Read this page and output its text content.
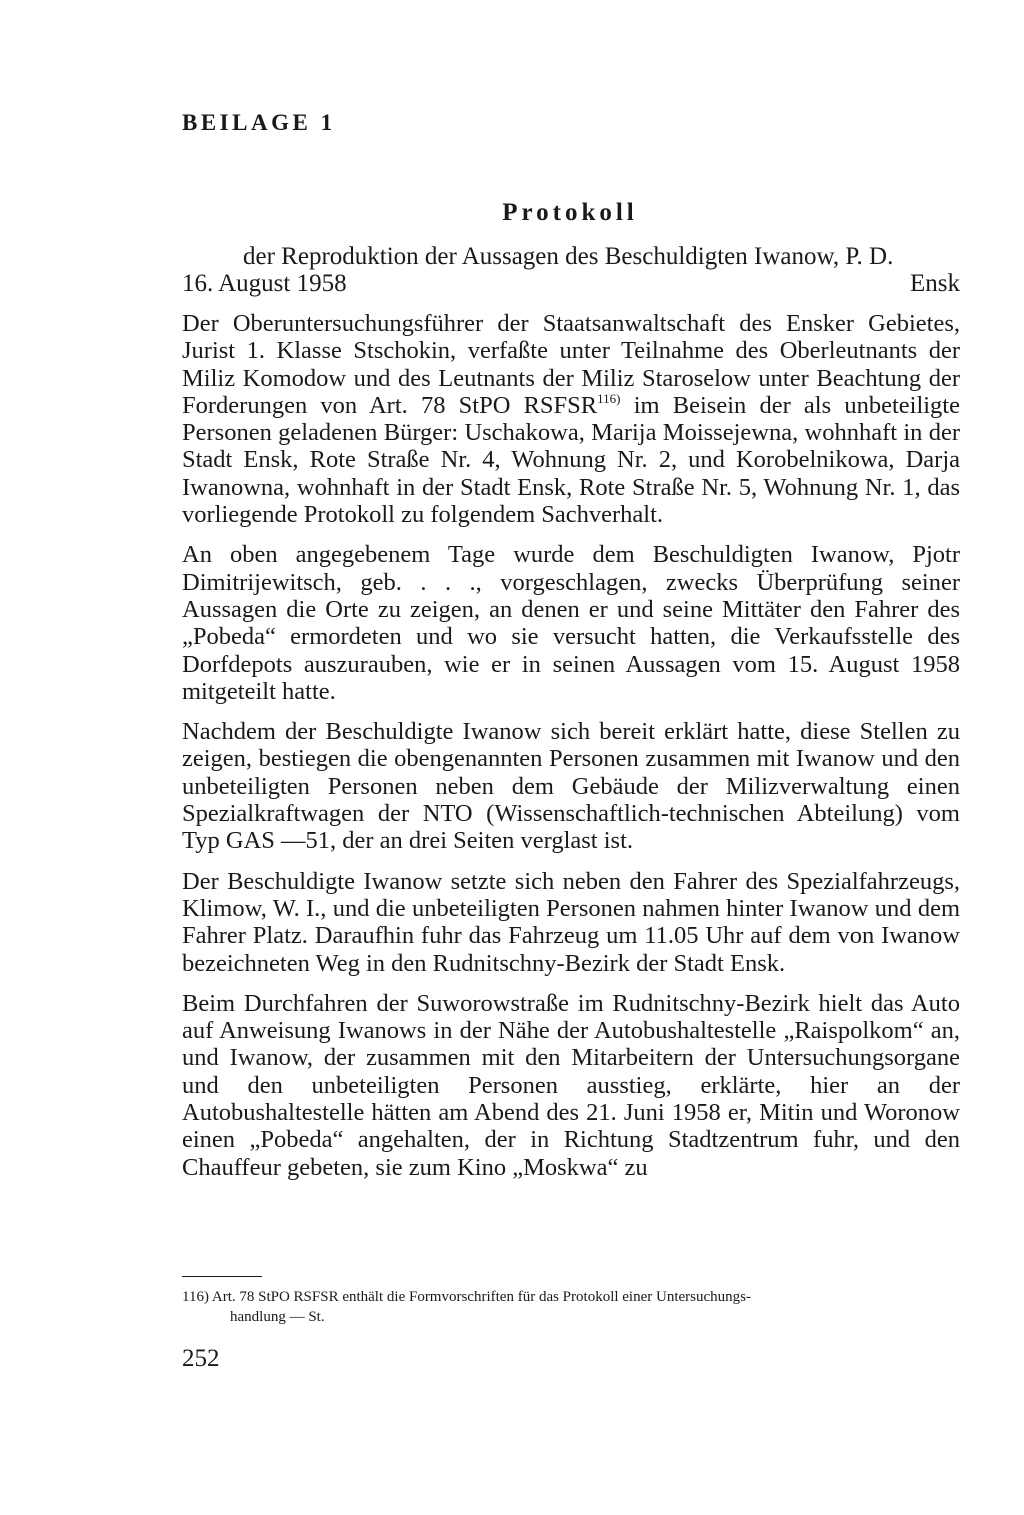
BEILAGE 1
Protokoll

der Reproduktion der Aussagen des Beschuldigten Iwanow, P. D.

16. August 1958	Ensk

Der Oberuntersuchungsführer der Staatsanwaltschaft des Ensker Gebietes, Jurist 1. Klasse Stschokin, verfaßte unter Teilnahme des Oberleutnants der Miliz Komodow und des Leutnants der Miliz Staroselow unter Beachtung der Forderungen von Art. 78 StPO RSFSR$^{116)}$ im Beisein der als unbeteiligte Personen geladenen Bürger: Uschakowa, Marija Moissejewna, wohnhaft in der Stadt Ensk, Rote Straße Nr. 4, Wohnung Nr. 2, und Korobelnikowa, Darja Iwanowna, wohnhaft in der Stadt Ensk, Rote Straße Nr. 5, Wohnung Nr. 1, das vorliegende Protokoll zu folgendem Sachverhalt.

An oben angegebenem Tage wurde dem Beschuldigten Iwanow, Pjotr Dimitrijewitsch, geb. . . ., vorgeschlagen, zwecks Überprüfung seiner Aussagen die Orte zu zeigen, an denen er und seine Mittäter den Fahrer des „Pobeda“ ermordeten und wo sie versucht hatten, die Verkaufsstelle des Dorfdepots auszurauben, wie er in seinen Aussagen vom 15. August 1958 mitgeteilt hatte.

Nachdem der Beschuldigte Iwanow sich bereit erklärt hatte, diese Stellen zu zeigen, bestiegen die obengenannten Personen zusammen mit Iwanow und den unbeteiligten Personen neben dem Gebäude der Milizverwaltung einen Spezialkraftwagen der NTO (Wissenschaftlich-technischen Abteilung) vom Typ GAS —51, der an drei Seiten verglast ist.

Der Beschuldigte Iwanow setzte sich neben den Fahrer des Spezialfahrzeugs, Klimow, W. I., und die unbeteiligten Personen nahmen hinter Iwanow und dem Fahrer Platz. Daraufhin fuhr das Fahrzeug um 11.05 Uhr auf dem von Iwanow bezeichneten Weg in den Rudnitschny-Bezirk der Stadt Ensk.

Beim Durchfahren der Suworowstraße im Rudnitschny-Bezirk hielt das Auto auf Anweisung Iwanows in der Nähe der Autobushaltestelle „Raispolkom“ an, und Iwanow, der zusammen mit den Mitarbeitern der Untersuchungsorgane und den unbeteiligten Personen ausstieg, erklärte, hier an der Autobushaltestelle hätten am Abend des 21. Juni 1958 er, Mitin und Woronow einen „Pobeda“ angehalten, der in Richtung Stadtzentrum fuhr, und den Chauffeur gebeten, sie zum Kino „Moskwa“ zu

116) Art. 78 StPO RSFSR enthält die Formvorschriften für das Protokoll einer Untersuchungs-
handlung — St.

252
